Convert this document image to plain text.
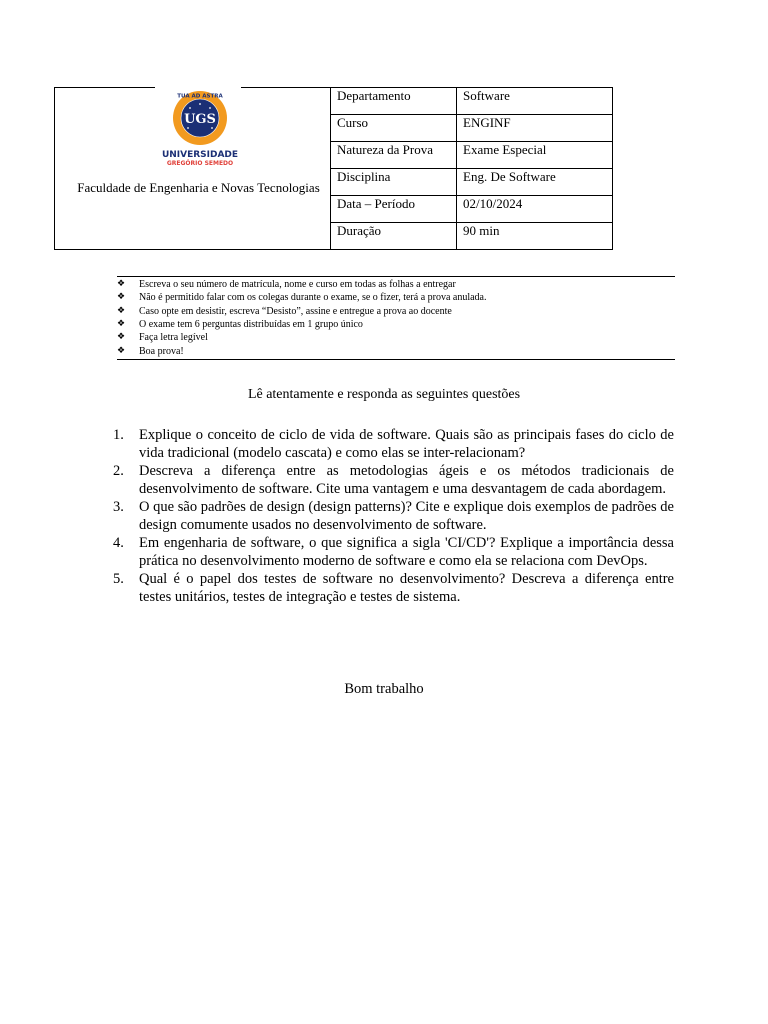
TUA AD ASTRA
UGS
UNIVERSIDADE
GREGÓRIO SEMEDO
Faculdade de Engenharia e Novas Tecnologias	Departamento	Software
	Curso	ENGINF
	Natureza da Prova	Exame Especial
	Disciplina	Eng. De Software
	Data – Período	02/10/2024
	Duração	90 min
❖	Escreva o seu número de matrícula, nome e curso em todas as folhas a entregar
❖	Não é permitido falar com os colegas durante o exame, se o fizer, terá a prova anulada.
❖	Caso opte em desistir, escreva “Desisto”, assine e entregue a prova ao docente
❖	O exame tem 6 perguntas distribuídas em 1 grupo único
❖	Faça letra legível
❖	Boa prova!
Lê atentamente e responda as seguintes questões
1.	Explique o conceito de ciclo de vida de software. Quais são as principais fases do ciclo de vida tradicional (modelo cascata) e como elas se inter-relacionam?
2.	Descreva a diferença entre as metodologias ágeis e os métodos tradicionais de desenvolvimento de software. Cite uma vantagem e uma desvantagem de cada abordagem.
3.	O que são padrões de design (design patterns)? Cite e explique dois exemplos de padrões de design comumente usados no desenvolvimento de software.
4.	Em engenharia de software, o que significa a sigla 'CI/CD'? Explique a importância dessa prática no desenvolvimento moderno de software e como ela se relaciona com DevOps.
5.	Qual é o papel dos testes de software no desenvolvimento? Descreva a diferença entre testes unitários, testes de integração e testes de sistema.
Bom trabalho
